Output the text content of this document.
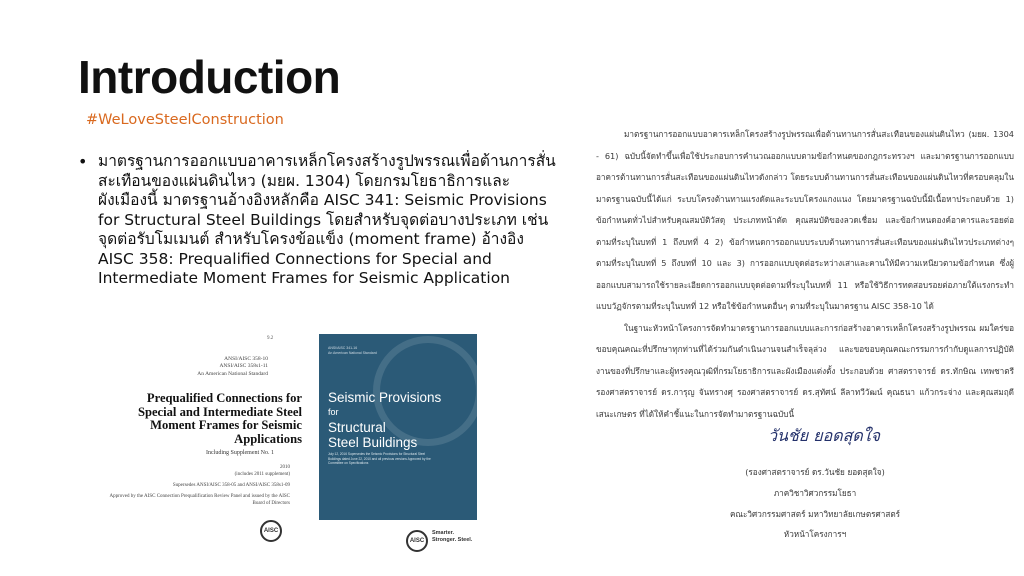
Introduction
#WeLoveSteelConstruction
• มาตรฐานการออกแบบอาคารเหล็กโครงสร้างรูปพรรณเพื่อต้านการสั่นสะเทือนของแผ่นดินไหว (มยผ. 1304) โดยกรมโยธาธิการและผังเมืองนี้ มาตรฐานอ้างอิงหลักคือ AISC 341: Seismic Provisions for Structural Steel Buildings โดยสำหรับจุดต่อบางประเภท เช่น จุดต่อรับโมเมนต์ สำหรับโครงข้อแข็ง (moment frame) อ้างอิง AISC 358: Prequalified Connections for Special and Intermediate Moment Frames for Seismic Application
9.2
ANSI/AISC 358-10
ANSI/AISC 358s1-11
An American National Standard
Prequalified Connections for Special and Intermediate Steel Moment Frames for Seismic Applications
Including Supplement No. 1
2010
(includes 2011 supplement)
Supersedes ANSI/AISC 358-05 and ANSI/AISC 358s1-09
Approved by the AISC Connection Prequalification Review Panel and issued by the AISC Board of Directors
AISC
ANSI/AISC 341-16
An American National Standard
Seismic Provisions
for
Structural
Steel Buildings
July 12, 2016 Supersedes the Seismic Provisions for Structural Steel Buildings dated June 22, 2010 and all previous versions Approved by the Committee on Specifications
AISC
Smarter. Stronger. Steel.

มาตรฐานการออกแบบอาคารเหล็กโครงสร้างรูปพรรณเพื่อต้านทานการสั่นสะเทือนของแผ่นดินไหว (มยผ. 1304 - 61) ฉบับนี้จัดทำขึ้นเพื่อใช้ประกอบการคำนวณออกแบบตามข้อกำหนดของกฎกระทรวงฯ และมาตรฐานการออกแบบอาคารต้านทานการสั่นสะเทือนของแผ่นดินไหวดังกล่าว โดยระบบต้านทานการสั่นสะเทือนของแผ่นดินไหวที่ครอบคลุมในมาตรฐานฉบับนี้ได้แก่ ระบบโครงต้านทานแรงดัดและระบบโครงแกงแนง โดยมาตรฐานฉบับนี้มีเนื้อหาประกอบด้วย 1) ข้อกำหนดทั่วไปสำหรับคุณสมบัติวัสดุ ประเภทหน้าตัด คุณสมบัติของลวดเชื่อม และข้อกำหนดองค์อาคารและรอยต่อ ตามที่ระบุในบทที่ 1 ถึงบทที่ 4 2) ข้อกำหนดการออกแบบระบบต้านทานการสั่นสะเทือนของแผ่นดินไหวประเภทต่างๆ ตามที่ระบุในบทที่ 5 ถึงบทที่ 10 และ 3) การออกแบบจุดต่อระหว่างเสาและคานให้มีความเหนียวตามข้อกำหนด ซึ่งผู้ออกแบบสามารถใช้รายละเอียดการออกแบบจุดต่อตามที่ระบุในบทที่ 11 หรือใช้วิธีการทดสอบรอยต่อภายใต้แรงกระทำแบบวัฏจักรตามที่ระบุในบทที่ 12 หรือใช้ข้อกำหนดอื่นๆ ตามที่ระบุในมาตรฐาน AISC 358-10 ได้

ในฐานะหัวหน้าโครงการจัดทำมาตรฐานการออกแบบและการก่อสร้างอาคารเหล็กโครงสร้างรูปพรรณ ผมใคร่ขอขอบคุณคณะที่ปรึกษาทุกท่านที่ได้ร่วมกันดำเนินงานจนสำเร็จลุล่วง และขอขอบคุณคณะกรรมการกำกับดูแลการปฏิบัติงานของที่ปรึกษาและผู้ทรงคุณวุฒิที่กรมโยธาธิการและผังเมืองแต่งตั้ง ประกอบด้วย ศาสตราจารย์ ดร.ทักษิณ เทพชาตรี รองศาสตราจารย์ ดร.การุญ จันทรางศุ รองศาสตราจารย์ ดร.สุทัศน์ ลีลาทวีวัฒน์ คุณธนา แก้วกระจ่าง และคุณสมฤดี เสนะเกษตร ที่ได้ให้คำชี้แนะในการจัดทำมาตรฐานฉบับนี้

วันชัย ยอดสุดใจ
(รองศาสตราจารย์ ดร.วันชัย ยอดสุดใจ)
ภาควิชาวิศวกรรมโยธา
คณะวิศวกรรมศาสตร์ มหาวิทยาลัยเกษตรศาสตร์
หัวหน้าโครงการฯ
